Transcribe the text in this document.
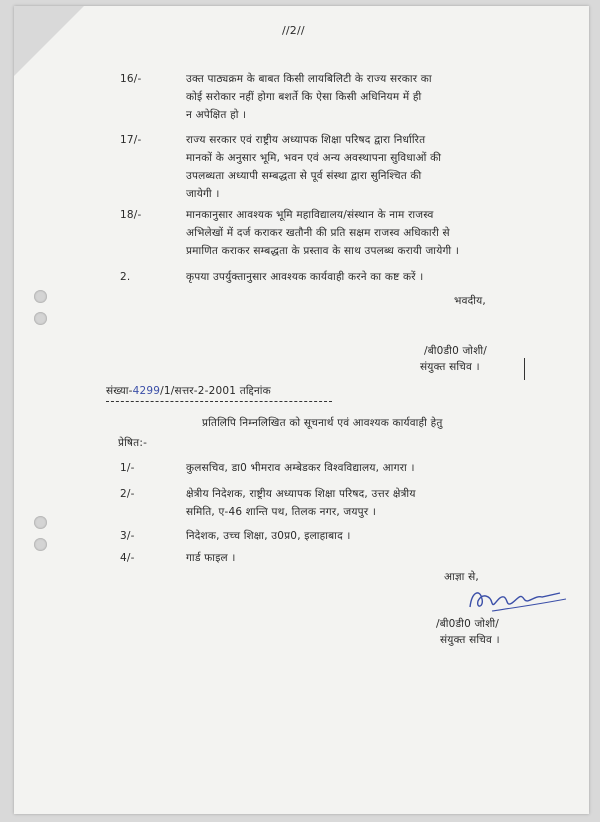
//2//
16/-	उक्त पाठ्यक्रम के बाबत किसी लायबिलिटी के राज्य सरकार का
कोई सरोकार नहीं होगा बशर्ते कि ऐसा किसी अधिनियम में ही
न अपेक्षित हो ।
17/-	राज्य सरकार एवं राष्ट्रीय अध्यापक शिक्षा परिषद द्वारा निर्धारित
मानकों के अनुसार भूमि, भवन एवं अन्य अवस्थापना सुविधाओं की
उपलब्धता अध्यापी सम्बद्धता से पूर्व संस्था द्वारा सुनिश्चित की
जायेगी ।
18/-	मानकानुसार आवश्यक भूमि महाविद्यालय/संस्थान के नाम राजस्व
अभिलेखों में दर्ज कराकर खतौनी की प्रति सक्षम राजस्व अधिकारी से
प्रमाणित कराकर सम्बद्धता के प्रस्ताव के साथ उपलब्ध करायी जायेगी ।
2.	कृपया उपर्युक्तानुसार आवश्यक कार्यवाही करने का कष्ट करें ।
भवदीय,
/बी0डी0 जोशी/
संयुक्त सचिव ।
संख्या-4299/1/सत्तर-2-2001 तद्दिनांक
प्रतिलिपि निम्नलिखित को सूचनार्थ एवं आवश्यक कार्यवाही हेतु
प्रेषित:-
1/-	कुलसचिव, डा0 भीमराव अम्बेडकर विश्वविद्यालय, आगरा ।
2/-	क्षेत्रीय निदेशक, राष्ट्रीय अध्यापक शिक्षा परिषद, उत्तर क्षेत्रीय
समिति, ए-46 शान्ति पथ, तिलक नगर, जयपुर ।
3/-	निदेशक, उच्च शिक्षा, उ0प्र0, इलाहाबाद ।
4/-	गार्ड फाइल ।
आज्ञा से,
/बी0डी0 जोशी/
संयुक्त सचिव ।
